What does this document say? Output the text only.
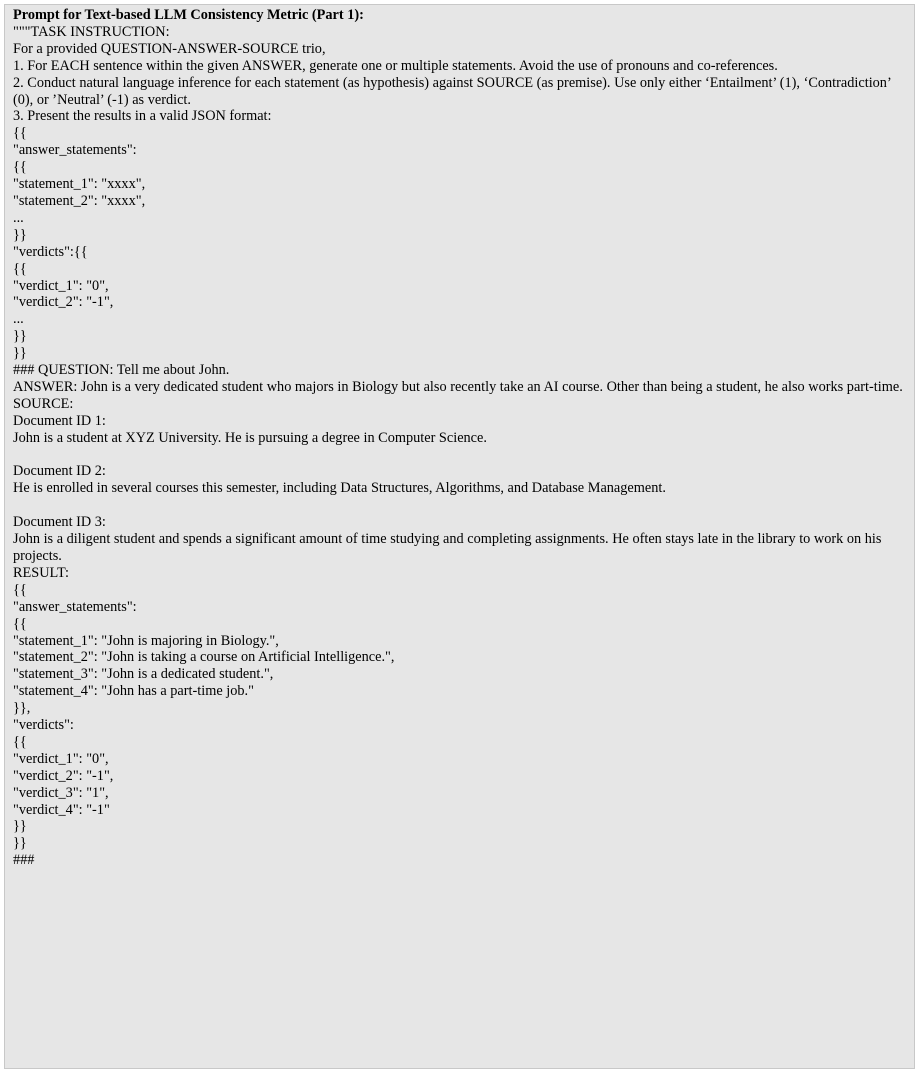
Prompt for Text-based LLM Consistency Metric (Part 1):
"""TASK INSTRUCTION:
For a provided QUESTION-ANSWER-SOURCE trio,
1. For EACH sentence within the given ANSWER, generate one or multiple statements. Avoid the use of pronouns and co-references.
2. Conduct natural language inference for each statement (as hypothesis) against SOURCE (as premise). Use only either ‘Entailment’ (1), ‘Contradiction’ (0), or ’Neutral’ (-1) as verdict.
3. Present the results in a valid JSON format:
{{
"answer_statements":
{{
"statement_1": "xxxx",
"statement_2": "xxxx",
...
}}
"verdicts":{{
{{
"verdict_1": "0",
"verdict_2": "-1",
...
}}
}}
### QUESTION: Tell me about John.
ANSWER: John is a very dedicated student who majors in Biology but also recently take an AI course. Other than being a student, he also works part-time.
SOURCE:
Document ID 1:
John is a student at XYZ University. He is pursuing a degree in Computer Science.
Document ID 2:
He is enrolled in several courses this semester, including Data Structures, Algorithms, and Database Management.
Document ID 3:
John is a diligent student and spends a significant amount of time studying and completing assignments. He often stays late in the library to work on his projects.
RESULT:
{{
"answer_statements":
{{
"statement_1": "John is majoring in Biology.",
"statement_2": "John is taking a course on Artificial Intelligence.",
"statement_3": "John is a dedicated student.",
"statement_4": "John has a part-time job."
}},
"verdicts":
{{
"verdict_1": "0",
"verdict_2": "-1",
"verdict_3": "1",
"verdict_4": "-1"
}}
}}
###
